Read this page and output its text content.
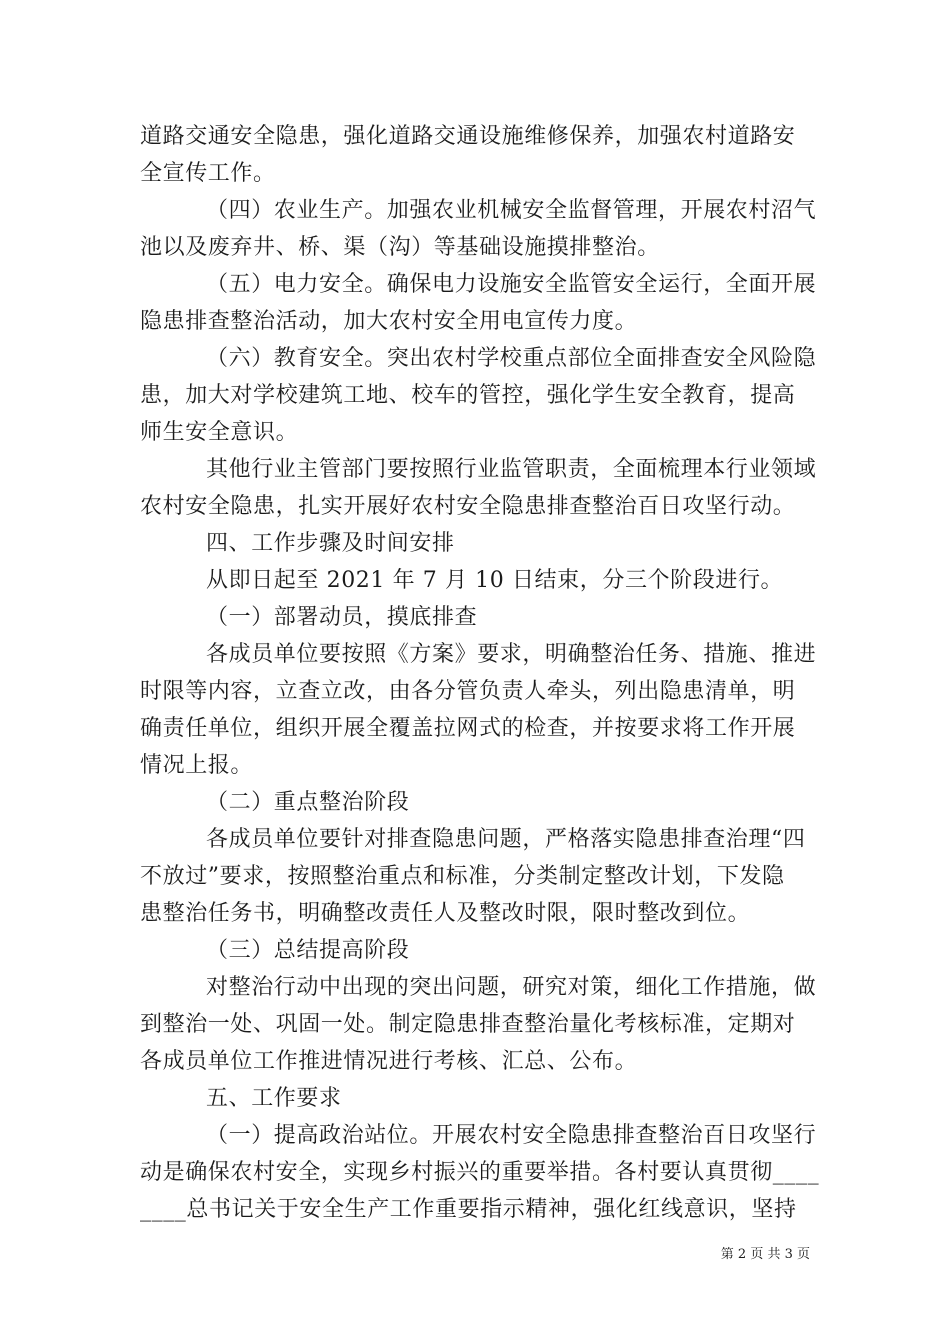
道路交通安全隐患，强化道路交通设施维修保养，加强农村道路安
全宣传工作。
（四）农业生产。加强农业机械安全监督管理，开展农村沼气
池以及废弃井、桥、渠（沟）等基础设施摸排整治。
（五）电力安全。确保电力设施安全监管安全运行，全面开展
隐患排查整治活动，加大农村安全用电宣传力度。
（六）教育安全。突出农村学校重点部位全面排查安全风险隐
患，加大对学校建筑工地、校车的管控，强化学生安全教育，提高
师生安全意识。
其他行业主管部门要按照行业监管职责，全面梳理本行业领域
农村安全隐患，扎实开展好农村安全隐患排查整治百日攻坚行动。
四、工作步骤及时间安排
从即日起至 2021 年 7 月 10 日结束，分三个阶段进行。
（一）部署动员，摸底排查
各成员单位要按照《方案》要求，明确整治任务、措施、推进
时限等内容，立查立改，由各分管负责人牵头，列出隐患清单，明
确责任单位，组织开展全覆盖拉网式的检查，并按要求将工作开展
情况上报。
（二）重点整治阶段
各成员单位要针对排查隐患问题，严格落实隐患排查治理“四
不放过”要求，按照整治重点和标准，分类制定整改计划，下发隐
患整治任务书，明确整改责任人及整改时限，限时整改到位。
（三）总结提高阶段
对整治行动中出现的突出问题，研究对策，细化工作措施，做
到整治一处、巩固一处。制定隐患排查整治量化考核标准，定期对
各成员单位工作推进情况进行考核、汇总、公布。
五、工作要求
（一）提高政治站位。开展农村安全隐患排查整治百日攻坚行
动是确保农村安全，实现乡村振兴的重要举措。各村要认真贯彻____
____总书记关于安全生产工作重要指示精神，强化红线意识，坚持
第 2 页 共 3 页
